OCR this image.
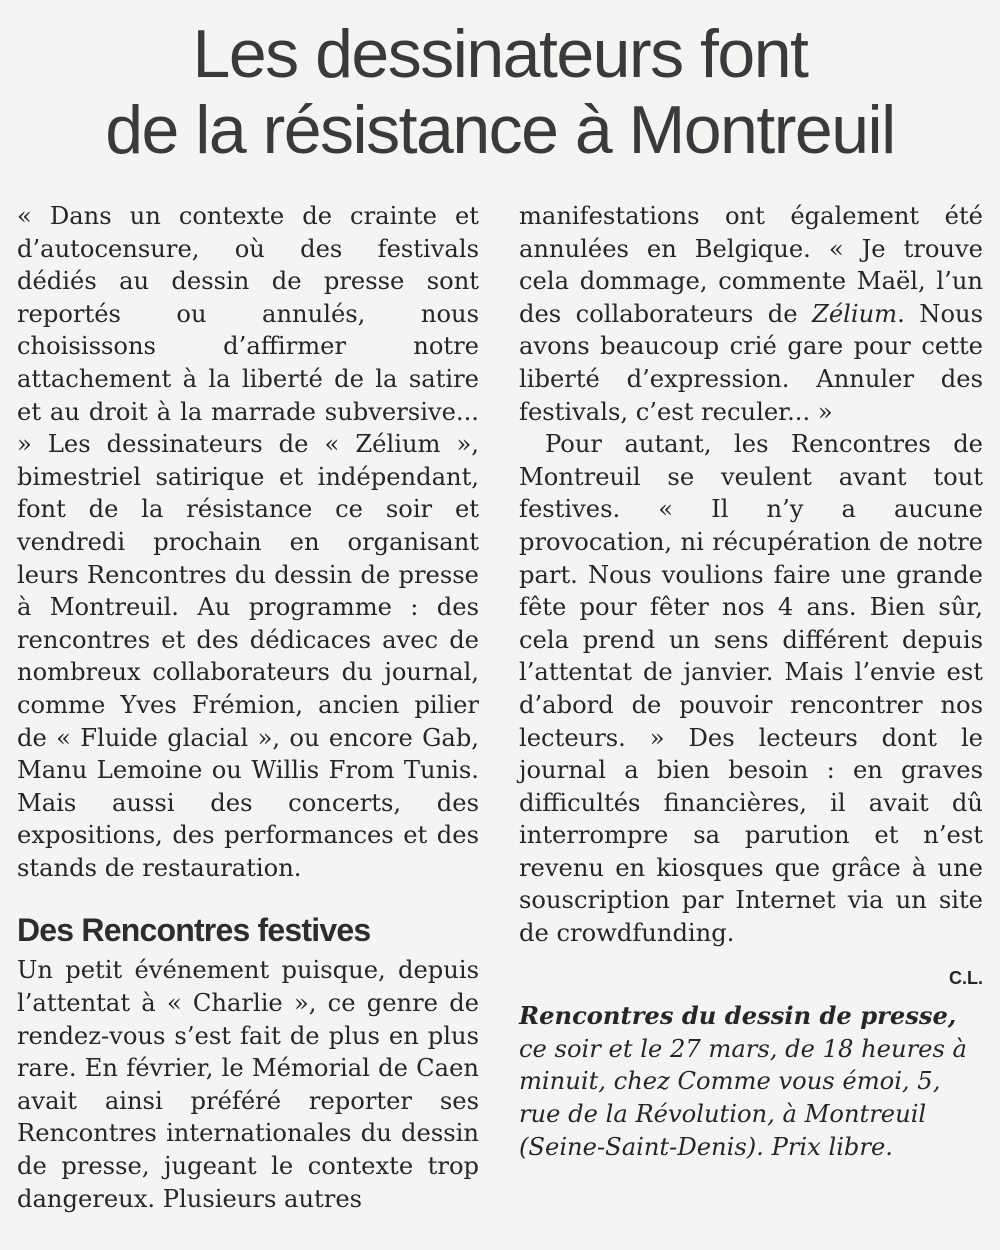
Les dessinateurs font
de la résistance à Montreuil

« Dans un contexte de crainte et d’autocensure, où des festivals dédiés au dessin de presse sont reportés ou annulés, nous choisissons d’affirmer notre attachement à la liberté de la satire et au droit à la marrade subversive... » Les dessinateurs de « Zélium », bimestriel satirique et indépendant, font de la résistance ce soir et vendredi prochain en organisant leurs Rencontres du dessin de presse à Montreuil. Au programme : des rencontres et des dédicaces avec de nombreux collaborateurs du journal, comme Yves Frémion, ancien pilier de « Fluide glacial », ou encore Gab, Manu Lemoine ou Willis From Tunis. Mais aussi des concerts, des expositions, des performances et des stands de restauration.

Des Rencontres festives

Un petit événement puisque, depuis l’attentat à « Charlie », ce genre de rendez-vous s’est fait de plus en plus rare. En février, le Mémorial de Caen avait ainsi préféré reporter ses Rencontres internationales du dessin de presse, jugeant le contexte trop dangereux. Plusieurs autres

manifestations ont également été annulées en Belgique. « Je trouve cela dommage, commente Maël, l’un des collaborateurs de Zélium. Nous avons beaucoup crié gare pour cette liberté d’expression. Annuler des festivals, c’est reculer... »

Pour autant, les Rencontres de Montreuil se veulent avant tout festives. « Il n’y a aucune provocation, ni récupération de notre part. Nous voulions faire une grande fête pour fêter nos 4 ans. Bien sûr, cela prend un sens différent depuis l’attentat de janvier. Mais l’envie est d’abord de pouvoir rencontrer nos lecteurs. » Des lecteurs dont le journal a bien besoin : en graves difficultés financières, il avait dû interrompre sa parution et n’est revenu en kiosques que grâce à une souscription par Internet via un site de crowdfunding.

C.L.

Rencontres du dessin de presse, ce soir et le 27 mars, de 18 heures à minuit, chez Comme vous émoi, 5, rue de la Révolution, à Montreuil (Seine-Saint-Denis). Prix libre.
